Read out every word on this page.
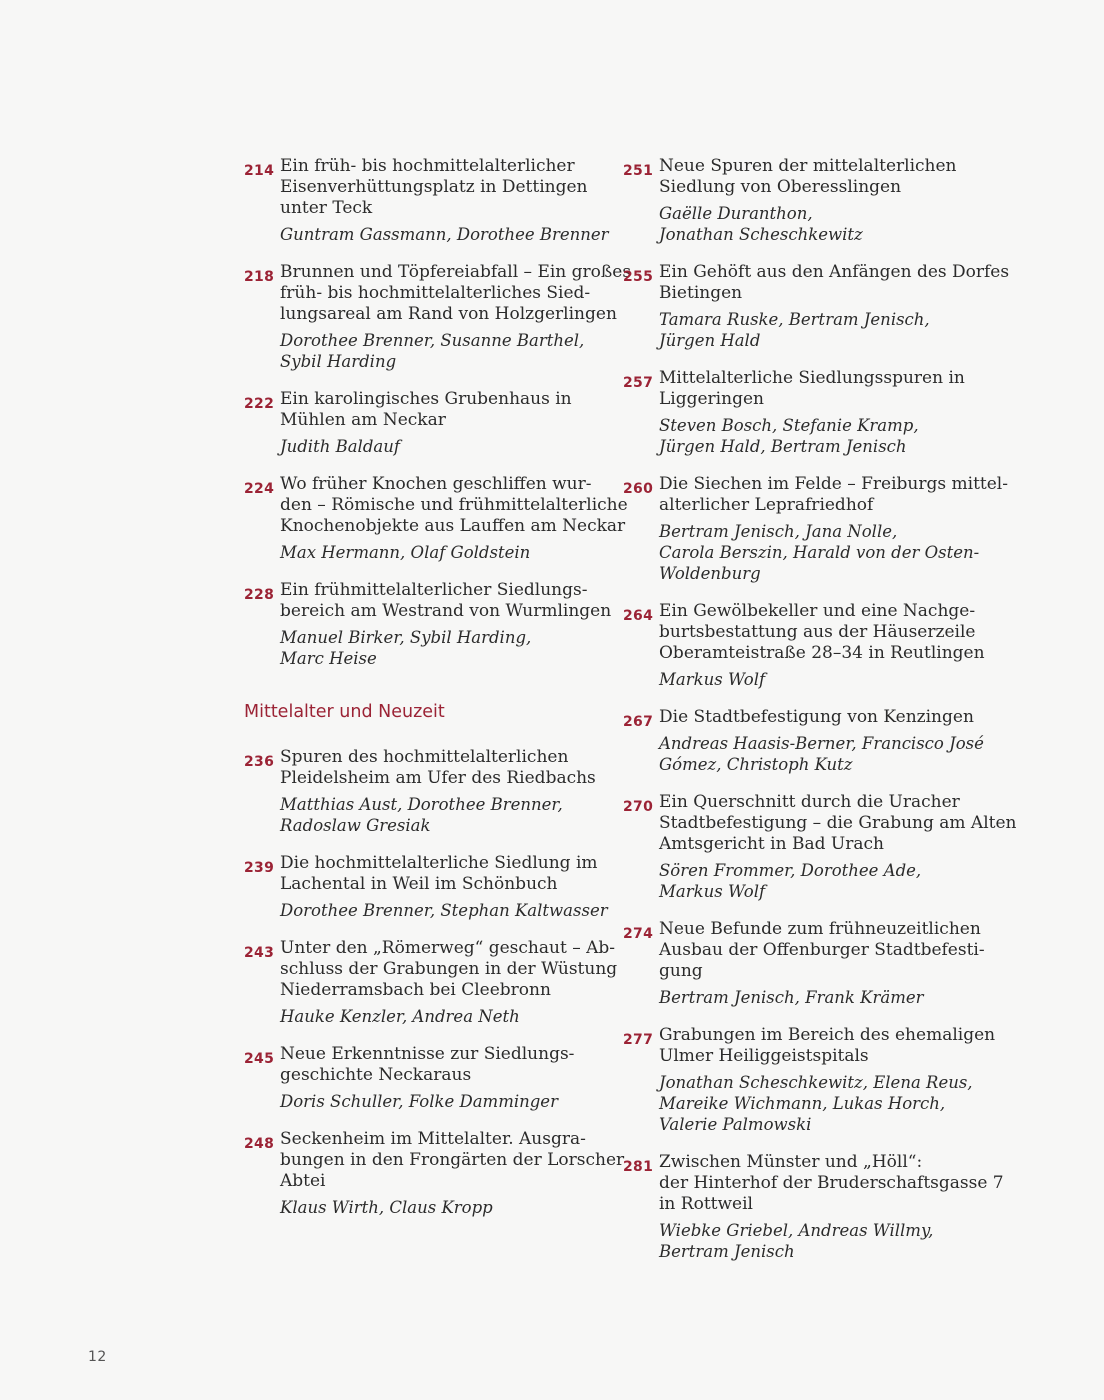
214 Ein früh- bis hochmittelalterlicher
Eisenverhüttungsplatz in Dettingen
unter Teck
Guntram Gassmann, Dorothee Brenner
218 Brunnen und Töpfereiabfall – Ein großes
früh- bis hochmittelalterliches Sied-
lungsareal am Rand von Holzgerlingen
Dorothee Brenner, Susanne Barthel,
Sybil Harding
222 Ein karolingisches Grubenhaus in
Mühlen am Neckar
Judith Baldauf
224 Wo früher Knochen geschliffen wur-
den – Römische und frühmittelalterliche
Knochenobjekte aus Lauffen am Neckar
Max Hermann, Olaf Goldstein
228 Ein frühmittelalterlicher Siedlungs-
bereich am Westrand von Wurmlingen
Manuel Birker, Sybil Harding,
Marc Heise
Mittelalter und Neuzeit
236 Spuren des hochmittelalterlichen
Pleidelsheim am Ufer des Riedbachs
Matthias Aust, Dorothee Brenner,
Radoslaw Gresiak
239 Die hochmittelalterliche Siedlung im
Lachental in Weil im Schönbuch
Dorothee Brenner, Stephan Kaltwasser
243 Unter den „Römerweg“ geschaut – Ab-
schluss der Grabungen in der Wüstung
Niederramsbach bei Cleebronn
Hauke Kenzler, Andrea Neth
245 Neue Erkenntnisse zur Siedlungs-
geschichte Neckaraus
Doris Schuller, Folke Damminger
248 Seckenheim im Mittelalter. Ausgra-
bungen in den Frongärten der Lorscher
Abtei
Klaus Wirth, Claus Kropp
251 Neue Spuren der mittelalterlichen
Siedlung von Oberesslingen
Gaëlle Duranthon,
Jonathan Scheschkewitz
255 Ein Gehöft aus den Anfängen des Dorfes
Bietingen
Tamara Ruske, Bertram Jenisch,
Jürgen Hald
257 Mittelalterliche Siedlungsspuren in
Liggeringen
Steven Bosch, Stefanie Kramp,
Jürgen Hald, Bertram Jenisch
260 Die Siechen im Felde – Freiburgs mittel-
alterlicher Leprafriedhof
Bertram Jenisch, Jana Nolle,
Carola Berszin, Harald von der Osten-
Woldenburg
264 Ein Gewölbekeller und eine Nachge-
burtsbestattung aus der Häuserzeile
Oberamteistraße 28–34 in Reutlingen
Markus Wolf
267 Die Stadtbefestigung von Kenzingen
Andreas Haasis-Berner, Francisco José
Gómez, Christoph Kutz
270 Ein Querschnitt durch die Uracher
Stadtbefestigung – die Grabung am Alten
Amtsgericht in Bad Urach
Sören Frommer, Dorothee Ade,
Markus Wolf
274 Neue Befunde zum frühneuzeitlichen
Ausbau der Offenburger Stadtbefesti-
gung
Bertram Jenisch, Frank Krämer
277 Grabungen im Bereich des ehemaligen
Ulmer Heiliggeistspitals
Jonathan Scheschkewitz, Elena Reus,
Mareike Wichmann, Lukas Horch,
Valerie Palmowski
281 Zwischen Münster und „Höll“:
der Hinterhof der Bruderschaftsgasse 7
in Rottweil
Wiebke Griebel, Andreas Willmy,
Bertram Jenisch
12
